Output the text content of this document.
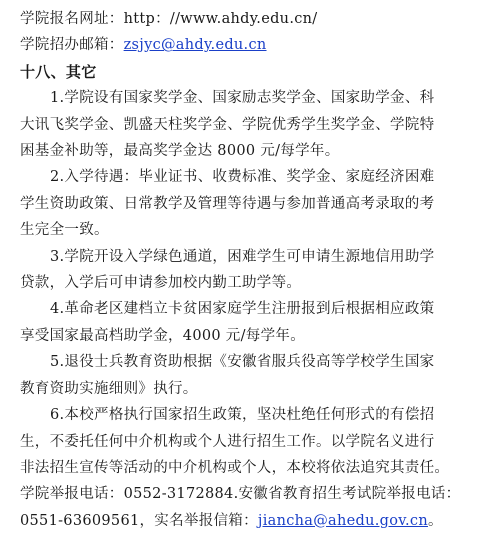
学院报名网址：http：//www.ahdy.edu.cn/
学院招办邮箱：zsjyc@ahdy.edu.cn
十八、其它
1.学院设有国家奖学金、国家励志奖学金、国家助学金、科
大讯飞奖学金、凯盛天柱奖学金、学院优秀学生奖学金、学院特
困基金补助等，最高奖学金达 8000 元/每学年。
2.入学待遇：毕业证书、收费标准、奖学金、家庭经济困难
学生资助政策、日常教学及管理等待遇与参加普通高考录取的考
生完全一致。
3.学院开设入学绿色通道，困难学生可申请生源地信用助学
贷款，入学后可申请参加校内勤工助学等。
4.革命老区建档立卡贫困家庭学生注册报到后根据相应政策
享受国家最高档助学金，4000 元/每学年。
5.退役士兵教育资助根据《安徽省服兵役高等学校学生国家
教育资助实施细则》执行。
6.本校严格执行国家招生政策，坚决杜绝任何形式的有偿招
生，不委托任何中介机构或个人进行招生工作。以学院名义进行
非法招生宣传等活动的中介机构或个人，本校将依法追究其责任。
学院举报电话：0552-3172884.安徽省教育招生考试院举报电话：
0551-63609561，实名举报信箱：jiancha@ahedu.gov.cn。
